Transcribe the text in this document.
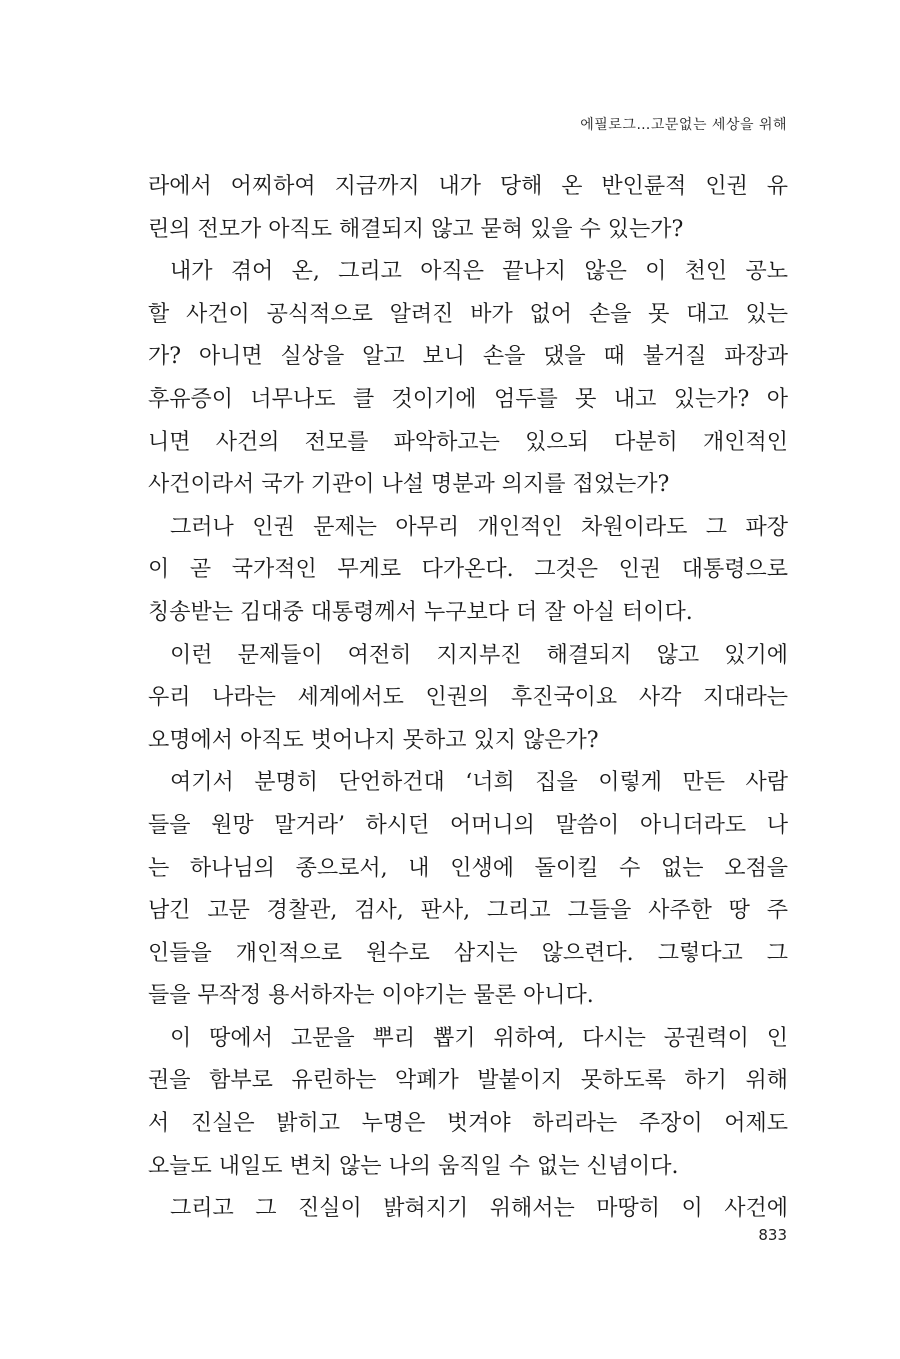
에필로그…고문없는 세상을 위해
라에서 어찌하여 지금까지 내가 당해 온 반인륜적 인권 유
린의 전모가 아직도 해결되지 않고 묻혀 있을 수 있는가?
내가 겪어 온, 그리고 아직은 끝나지 않은 이 천인 공노
할 사건이 공식적으로 알려진 바가 없어 손을 못 대고 있는
가? 아니면 실상을 알고 보니 손을 댔을 때 불거질 파장과
후유증이 너무나도 클 것이기에 엄두를 못 내고 있는가? 아
니면 사건의 전모를 파악하고는 있으되 다분히 개인적인
사건이라서 국가 기관이 나설 명분과 의지를 접었는가?
그러나 인권 문제는 아무리 개인적인 차원이라도 그 파장
이 곧 국가적인 무게로 다가온다. 그것은 인권 대통령으로
칭송받는 김대중 대통령께서 누구보다 더 잘 아실 터이다.
이런 문제들이 여전히 지지부진 해결되지 않고 있기에
우리 나라는 세계에서도 인권의 후진국이요 사각 지대라는
오명에서 아직도 벗어나지 못하고 있지 않은가?
여기서 분명히 단언하건대 ‘너희 집을 이렇게 만든 사람
들을 원망 말거라’ 하시던 어머니의 말씀이 아니더라도 나
는 하나님의 종으로서, 내 인생에 돌이킬 수 없는 오점을
남긴 고문 경찰관, 검사, 판사, 그리고 그들을 사주한 땅 주
인들을 개인적으로 원수로 삼지는 않으련다. 그렇다고 그
들을 무작정 용서하자는 이야기는 물론 아니다.
이 땅에서 고문을 뿌리 뽑기 위하여, 다시는 공권력이 인
권을 함부로 유린하는 악폐가 발붙이지 못하도록 하기 위해
서 진실은 밝히고 누명은 벗겨야 하리라는 주장이 어제도
오늘도 내일도 변치 않는 나의 움직일 수 없는 신념이다.
그리고 그 진실이 밝혀지기 위해서는 마땅히 이 사건에
833
